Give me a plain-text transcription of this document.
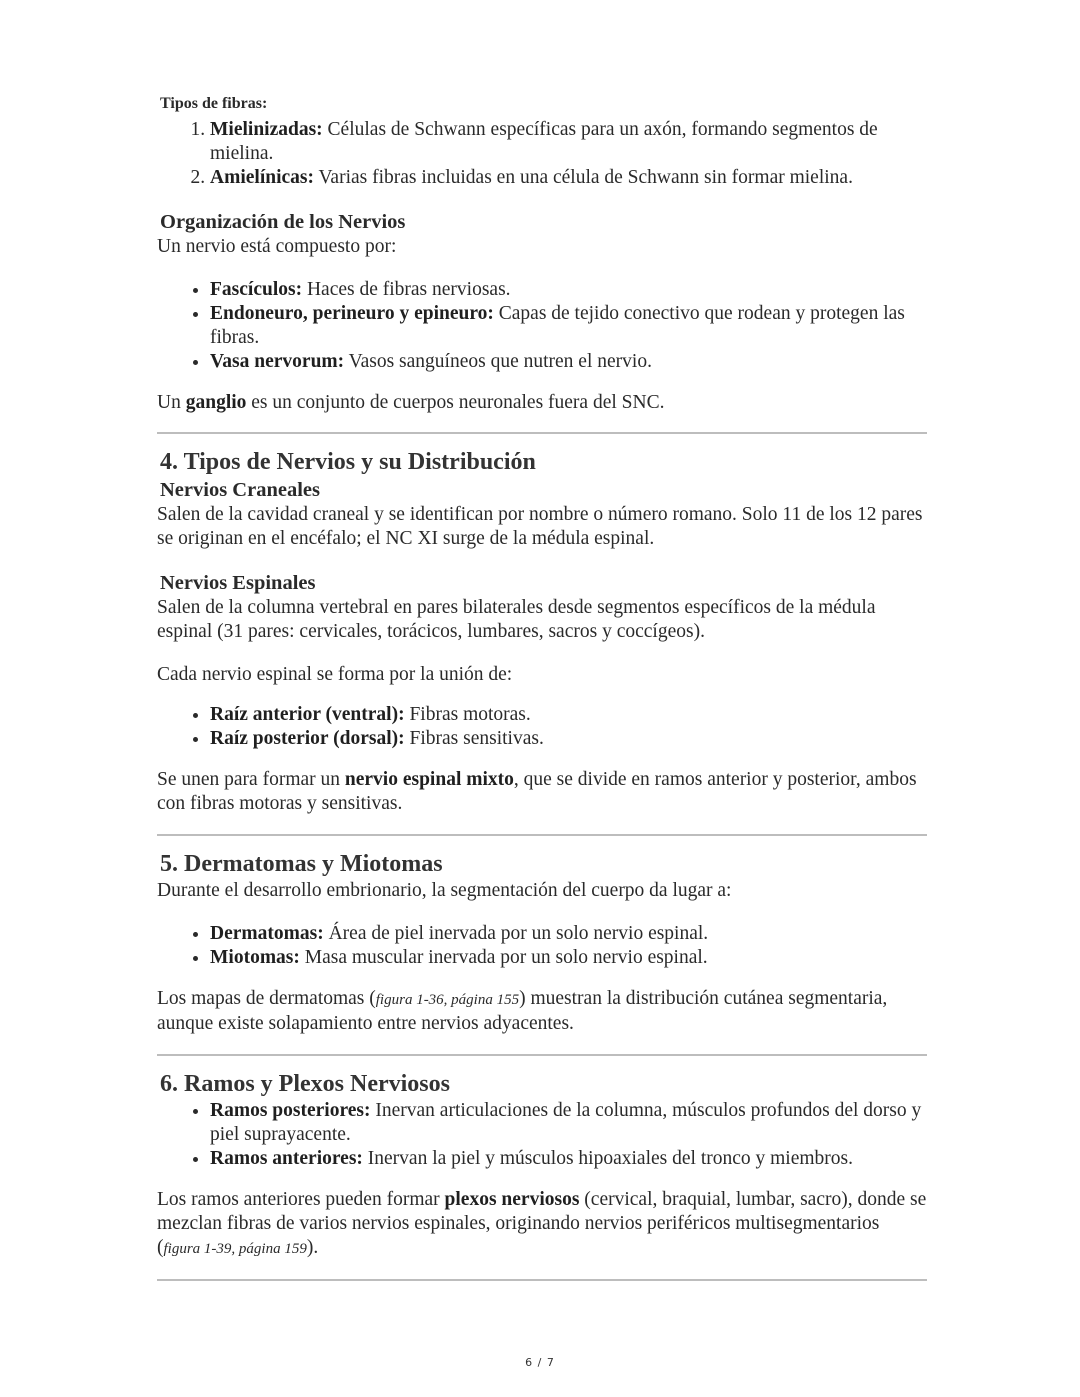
Tipos de fibras:

1. Mielinizadas: Células de Schwann específicas para un axón, formando segmentos de mielina.
2. Amielínicas: Varias fibras incluidas en una célula de Schwann sin formar mielina.

Organización de los Nervios

Un nervio está compuesto por:

• Fascículos: Haces de fibras nerviosas.
• Endoneuro, perineuro y epineuro: Capas de tejido conectivo que rodean y protegen las fibras.
• Vasa nervorum: Vasos sanguíneos que nutren el nervio.

Un ganglio es un conjunto de cuerpos neuronales fuera del SNC.

4. Tipos de Nervios y su Distribución

Nervios Craneales

Salen de la cavidad craneal y se identifican por nombre o número romano. Solo 11 de los 12 pares se originan en el encéfalo; el NC XI surge de la médula espinal.

Nervios Espinales

Salen de la columna vertebral en pares bilaterales desde segmentos específicos de la médula espinal (31 pares: cervicales, torácicos, lumbares, sacros y coccígeos).

Cada nervio espinal se forma por la unión de:

• Raíz anterior (ventral): Fibras motoras.
• Raíz posterior (dorsal): Fibras sensitivas.

Se unen para formar un nervio espinal mixto, que se divide en ramos anterior y posterior, ambos con fibras motoras y sensitivas.

5. Dermatomas y Miotomas

Durante el desarrollo embrionario, la segmentación del cuerpo da lugar a:

• Dermatomas: Área de piel inervada por un solo nervio espinal.
• Miotomas: Masa muscular inervada por un solo nervio espinal.

Los mapas de dermatomas (figura 1-36, página 155) muestran la distribución cutánea segmentaria, aunque existe solapamiento entre nervios adyacentes.

6. Ramos y Plexos Nerviosos

• Ramos posteriores: Inervan articulaciones de la columna, músculos profundos del dorso y piel suprayacente.
• Ramos anteriores: Inervan la piel y músculos hipoaxiales del tronco y miembros.

Los ramos anteriores pueden formar plexos nerviosos (cervical, braquial, lumbar, sacro), donde se mezclan fibras de varios nervios espinales, originando nervios periféricos multisegmentarios (figura 1-39, página 159).

6 / 7
